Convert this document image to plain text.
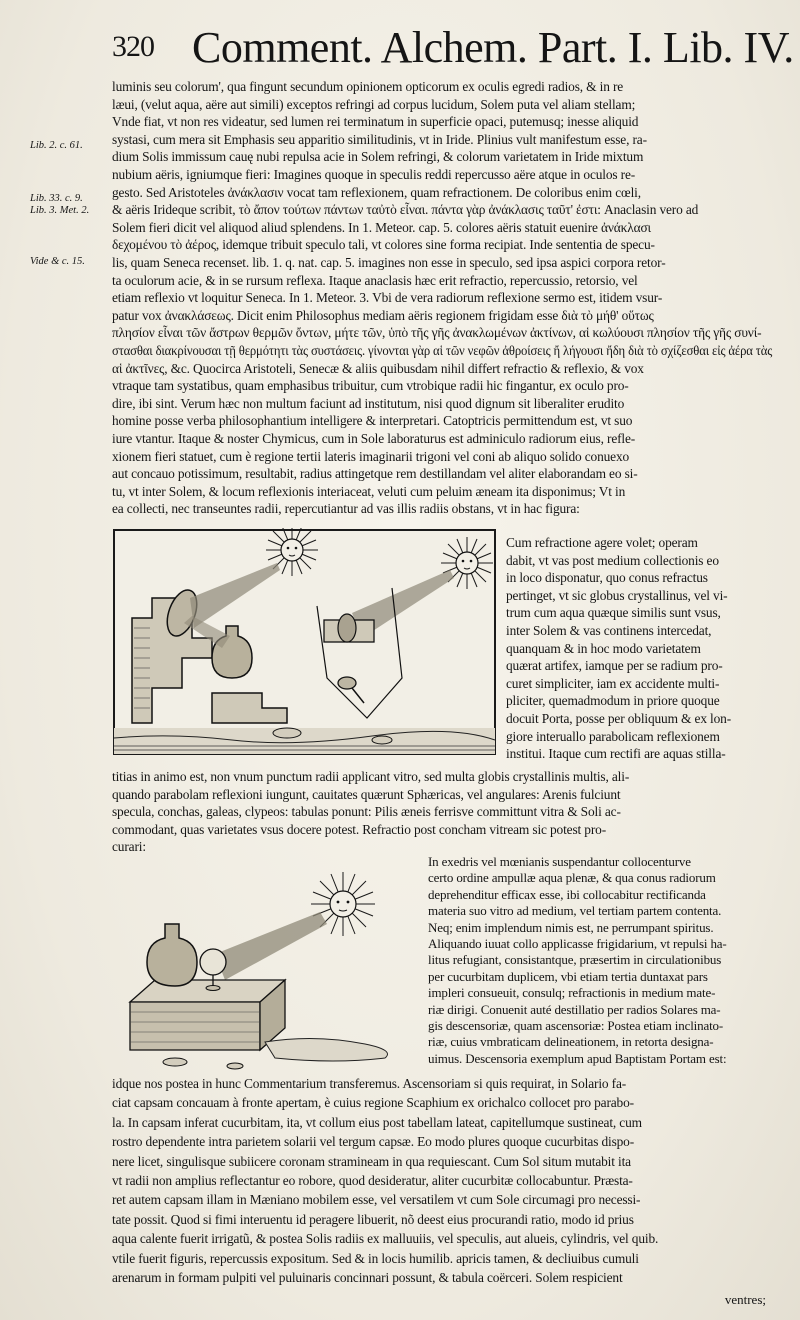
320 Comment. Alchem. Part. I. Lib. IV.
Lib. 2. c. 61.
Lib. 33. c. 9.
Lib. 3. Met. 2.
Vide & c. 15.
luminis seu colorum', qua fingunt secundum opinionem opticorum ex oculis egredi radios, & in re
læui, (velut aqua, aëre aut simili) exceptos refringi ad corpus lucidum, Solem puta vel aliam stellam;
Vnde fiat, vt non res videatur, sed lumen rei terminatum in superficie opaci, putemusq; inesse aliquid
systasi, cum mera sit Emphasis seu apparitio similitudinis, vt in Iride. Plinius vult manifestum esse, ra-
dium Solis immissum cauę nubi repulsa acie in Solem refringi, & colorum varietatem in Iride mixtum
nubium aëris, igniumque fieri: Imagines quoque in speculis reddi repercusso aëre atque in oculos re-
gesto. Sed Aristoteles ἀνάκλασιν vocat tam reflexionem, quam refractionem. De coloribus enim cœli,
& aëris Irideque scribit, τὸ ἄπον τούτων πάντων ταὐτὸ εἶναι. πάντα γὰρ ἀνάκλασις ταῦτ' ἐστι: Anaclasin vero ad
Solem fieri dicit vel aliquod aliud splendens. In 1. Meteor. cap. 5. colores aëris statuit euenire ἀνάκλασι
δεχομένου τὸ ἀέρος, idemque tribuit speculo tali, vt colores sine forma recipiat. Inde sententia de specu-
lis, quam Seneca recenset. lib. 1. q. nat. cap. 5. imagines non esse in speculo, sed ipsa aspici corpora retor-
ta oculorum acie, & in se rursum reflexa. Itaque anaclasis hæc erit refractio, repercussio, retorsio, vel
etiam reflexio vt loquitur Seneca. In 1. Meteor. 3. Vbi de vera radiorum reflexione sermo est, itidem vsur-
patur vox ἀνακλάσεως. Dicit enim Philosophus mediam aëris regionem frigidam esse διὰ τὸ μήθ' οὕτως
πλησίον εἶναι τῶν ἄστρων θερμῶν ὄντων, μήτε τῶν, ὑπὸ τῆς γῆς ἀνακλωμένων ἀκτίνων, αἱ κωλύουσι πλησίον τῆς γῆς συνί-
στασθαι διακρίνουσαι τῇ θερμότητι τὰς συστάσεις. γίνονται γὰρ αἱ τῶν νεφῶν ἀθροίσεις ἤ λήγουσι ἤδη διὰ τὸ σχίζεσθαι εἰς ἀέρα τὰς
αἱ ἀκτῖνες, &c. Quocirca Aristoteli, Senecæ & aliis quibusdam nihil differt refractio & reflexio, & vox
vtraque tam systatibus, quam emphasibus tribuitur, cum vtrobique radii hic fingantur, ex oculo pro-
dire, ibi sint. Verum hæc non multum faciunt ad institutum, nisi quod dignum sit liberaliter erudito
homine posse verba philosophantium intelligere & interpretari. Catoptricis permittendum est, vt suo
iure vtantur. Itaque & noster Chymicus, cum in Sole laboraturus est adminiculo radiorum eius, refle-
xionem fieri statuet, cum è regione tertii lateris imaginarii trigoni vel coni ab aliquo solido conuexo
aut concauo potissimum, resultabit, radius attingetque rem destillandam vel aliter elaborandam eo si-
tu, vt inter Solem, & locum reflexionis interiaceat, veluti cum peluim æneam ita disponimus; Vt in
ea collecti, nec transeuntes radii, repercutiantur ad vas illis radiis obstans, vt in hac figura:
Cum refractione agere volet; operam
dabit, vt vas post medium collectionis eo
in loco disponatur, quo conus refractus
pertinget, vt sic globus crystallinus, vel vi-
trum cum aqua quæque similis sunt vsus,
inter Solem & vas continens intercedat,
quanquam & in hoc modo varietatem
quærat artifex, iamque per se radium pro-
curet simpliciter, iam ex accidente multi-
pliciter, quemadmodum in priore quoque
docuit Porta, posse per obliquum & ex lon-
giore interuallo parabolicam reflexionem
institui. Itaque cum rectifi are aquas stilla-
titias in animo est, non vnum punctum radii applicant vitro, sed multa globis crystallinis multis, ali-
quando parabolam reflexioni iungunt, cauitates quærunt Sphæricas, vel angulares: Arenis fulciunt
specula, conchas, galeas, clypeos: tabulas ponunt: Pilis æneis ferrisve committunt vitra & Soli ac-
commodant, quas varietates vsus docere potest. Refractio post concham vitream sic potest pro-
curari:
In exedris vel mœnianis suspendantur collocenturve
certo ordine ampullæ aqua plenæ, & qua conus radiorum
deprehenditur efficax esse, ibi collocabitur rectificanda
materia suo vitro ad medium, vel tertiam partem contenta.
Neq; enim implendum nimis est, ne perrumpant spiritus.
Aliquando iuuat collo applicasse frigidarium, vt repulsi ha-
litus refugiant, consistantque, præsertim in circulationibus
per cucurbitam duplicem, vbi etiam tertia duntaxat pars
impleri consueuit, consulq; refractionis in medium mate-
riæ dirigi. Conuenit auté destillatio per radios Solares ma-
gis descensoriæ, quam ascensoriæ: Postea etiam inclinato-
riæ, cuius vmbraticam delineationem, in retorta designa-
uimus. Descensoria exemplum apud Baptistam Portam est:
idque nos postea in hunc Commentarium transferemus. Ascensoriam si quis requirat, in Solario fa-
ciat capsam concauam à fronte apertam, è cuius regione Scaphium ex orichalco collocet pro parabo-
la. In capsam inferat cucurbitam, ita, vt collum eius post tabellam lateat, capitellumque sustineat, cum
rostro dependente intra parietem solarii vel tergum capsæ. Eo modo plures quoque cucurbitas dispo-
nere licet, singulisque subiicere coronam stramineam in qua requiescant. Cum Sol situm mutabit ita
vt radii non amplius reflectantur eo robore, quod desideratur, aliter cucurbitæ collocabuntur. Præsta-
ret autem capsam illam in Mæniano mobilem esse, vel versatilem vt cum Sole circumagi pro necessi-
tate possit. Quod si fimi interuentu id peragere libuerit, nõ deest eius procurandi ratio, modo id prius
aqua calente fuerit irrigatũ, & postea Solis radiis ex malluuiis, vel speculis, aut alueis, cylindris, vel quib.
vtile fuerit figuris, repercussis expositum. Sed & in locis humilib. apricis tamen, & decliuibus cumuli
arenarum in formam pulpiti vel puluinaris concinnari possunt, & tabula coërceri. Solem respicient
ventres;
